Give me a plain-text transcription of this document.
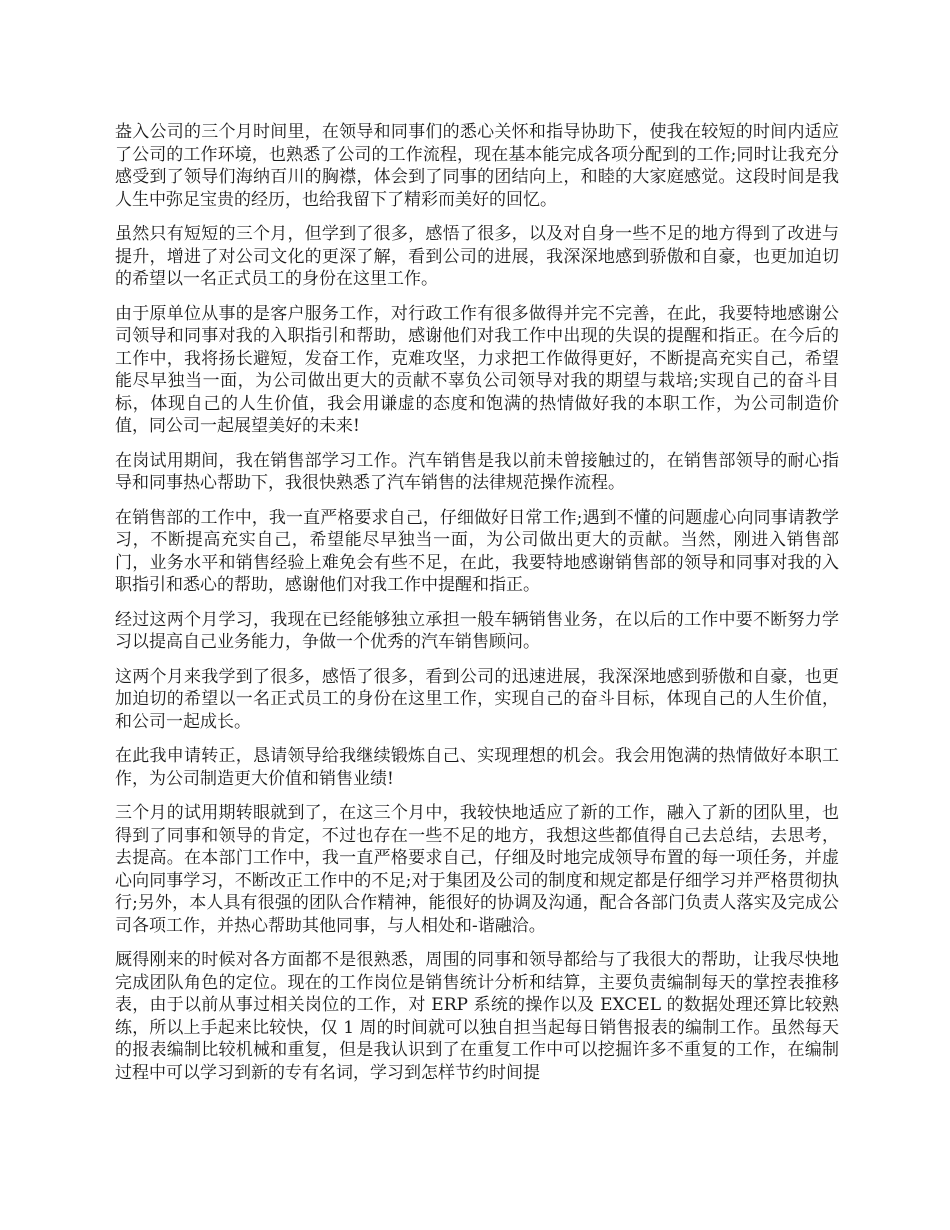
盎入公司的三个月时间里，在领导和同事们的悉心关怀和指导协助下，使我在较短的时间内适应了公司的工作环境，也熟悉了公司的工作流程，现在基本能完成各项分配到的工作;同时让我充分感受到了领导们海纳百川的胸襟，体会到了同事的团结向上，和睦的大家庭感觉。这段时间是我人生中弥足宝贵的经历，也给我留下了精彩而美好的回忆。

虽然只有短短的三个月，但学到了很多，感悟了很多，以及对自身一些不足的地方得到了改进与提升，增进了对公司文化的更深了解，看到公司的进展，我深深地感到骄傲和自豪，也更加迫切的希望以一名正式员工的身份在这里工作。

由于原单位从事的是客户服务工作，对行政工作有很多做得并完不完善，在此，我要特地感谢公司领导和同事对我的入职指引和帮助，感谢他们对我工作中出现的失误的提醒和指正。在今后的工作中，我将扬长避短，发奋工作，克难攻坚，力求把工作做得更好，不断提高充实自己，希望能尽早独当一面，为公司做出更大的贡献不辜负公司领导对我的期望与栽培;实现自己的奋斗目标，体现自己的人生价值，我会用谦虚的态度和饱满的热情做好我的本职工作，为公司制造价值，同公司一起展望美好的未来!

在岗试用期间，我在销售部学习工作。汽车销售是我以前未曾接触过的，在销售部领导的耐心指导和同事热心帮助下，我很快熟悉了汽车销售的法律规范操作流程。

在销售部的工作中，我一直严格要求自己，仔细做好日常工作;遇到不懂的问题虚心向同事请教学习，不断提高充实自己，希望能尽早独当一面，为公司做出更大的贡献。当然，刚进入销售部门，业务水平和销售经验上难免会有些不足，在此，我要特地感谢销售部的领导和同事对我的入职指引和悉心的帮助，感谢他们对我工作中提醒和指正。

经过这两个月学习，我现在已经能够独立承担一般车辆销售业务，在以后的工作中要不断努力学习以提高自己业务能力，争做一个优秀的汽车销售顾问。

这两个月来我学到了很多，感悟了很多，看到公司的迅速进展，我深深地感到骄傲和自豪，也更加迫切的希望以一名正式员工的身份在这里工作，实现自己的奋斗目标，体现自己的人生价值，和公司一起成长。

在此我申请转正，恳请领导给我继续锻炼自己、实现理想的机会。我会用饱满的热情做好本职工作，为公司制造更大价值和销售业绩!

三个月的试用期转眼就到了，在这三个月中，我较快地适应了新的工作，融入了新的团队里，也得到了同事和领导的肯定，不过也存在一些不足的地方，我想这些都值得自己去总结，去思考，去提高。在本部门工作中，我一直严格要求自己，仔细及时地完成领导布置的每一项任务，并虚心向同事学习，不断改正工作中的不足;对于集团及公司的制度和规定都是仔细学习并严格贯彻执行;另外，本人具有很强的团队合作精神，能很好的协调及沟通，配合各部门负责人落实及完成公司各项工作，并热心帮助其他同事，与人相处和-谐融洽。

厩得刚来的时候对各方面都不是很熟悉，周围的同事和领导都给与了我很大的帮助，让我尽快地完成团队角色的定位。现在的工作岗位是销售统计分析和结算，主要负责编制每天的掌控表推移表，由于以前从事过相关岗位的工作，对 ERP 系统的操作以及 EXCEL 的数据处理还算比较熟练，所以上手起来比较快，仅 1 周的时间就可以独自担当起每日销售报表的编制工作。虽然每天的报表编制比较机械和重复，但是我认识到了在重复工作中可以挖掘许多不重复的工作，在编制过程中可以学习到新的专有名词，学习到怎样节约时间提
